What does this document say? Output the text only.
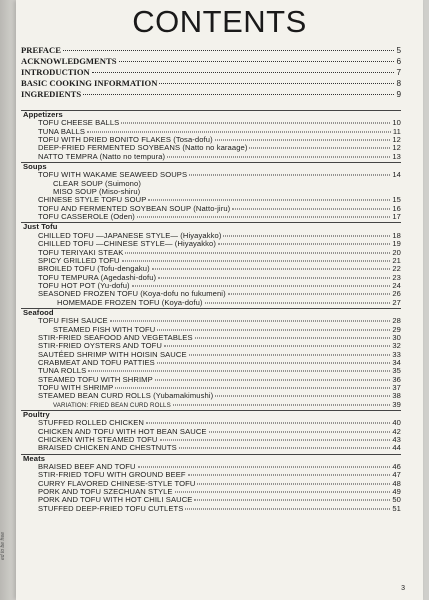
ed to be free
CONTENTS
PREFACE	5
ACKNOWLEDGMENTS	6
INTRODUCTION	7
BASIC COOKING INFORMATION	8
INGREDIENTS	9
Appetizers
TOFU CHEESE BALLS	10
TUNA BALLS	11
TOFU WITH DRIED BONITO FLAKES (Tosa-dofu)	12
DEEP-FRIED FERMENTED SOYBEANS (Natto no karaage)	12
NATTO TEMPRA (Natto no tempura)	13
Soups
TOFU WITH WAKAME SEAWEED SOUPS	14
CLEAR SOUP (Suimono)
MISO SOUP (Miso-shiru)
CHINESE STYLE TOFU SOUP	15
TOFU AND FERMENTED SOYBEAN SOUP (Natto-jiru)	16
TOFU CASSEROLE (Oden)	17
Just Tofu
CHILLED TOFU —JAPANESE STYLE— (Hiyayakko)	18
CHILLED TOFU —CHINESE STYLE— (Hiyayakko)	19
TOFU TERIYAKI STEAK	20
SPICY GRILLED TOFU	21
BROILED TOFU (Tofu-dengaku)	22
TOFU TEMPURA (Agedashi-dofu)	23
TOFU HOT POT (Yu-dofu)	24
SEASONED FROZEN TOFU (Koya-dofu no fukumeni)	26
HOMEMADE FROZEN TOFU (Koya-dofu)	27
Seafood
TOFU FISH SAUCE	28
STEAMED FISH WITH TOFU	29
STIR-FRIED SEAFOOD AND VEGETABLES	30
STIR-FRIED OYSTERS AND TOFU	32
SAUTÉED SHRIMP WITH HOISIN SAUCE	33
CRABMEAT AND TOFU PATTIES	34
TUNA ROLLS	35
STEAMED TOFU WITH SHRIMP	36
TOFU WITH SHRIMP	37
STEAMED BEAN CURD ROLLS (Yubamakimushi)	38
VARIATION: FRIED BEAN CURD ROLLS	39
Poultry
STUFFED ROLLED CHICKEN	40
CHICKEN AND TOFU WITH HOT BEAN SAUCE	42
CHICKEN WITH STEAMED TOFU	43
BRAISED CHICKEN AND CHESTNUTS	44
Meats
BRAISED BEEF AND TOFU	46
STIR-FRIED TOFU WITH GROUND BEEF	47
CURRY FLAVORED CHINESE-STYLE TOFU	48
PORK AND TOFU SZECHUAN STYLE	49
PORK AND TOFU WITH HOT CHILI SAUCE	50
STUFFED DEEP-FRIED TOFU CUTLETS	51
3
